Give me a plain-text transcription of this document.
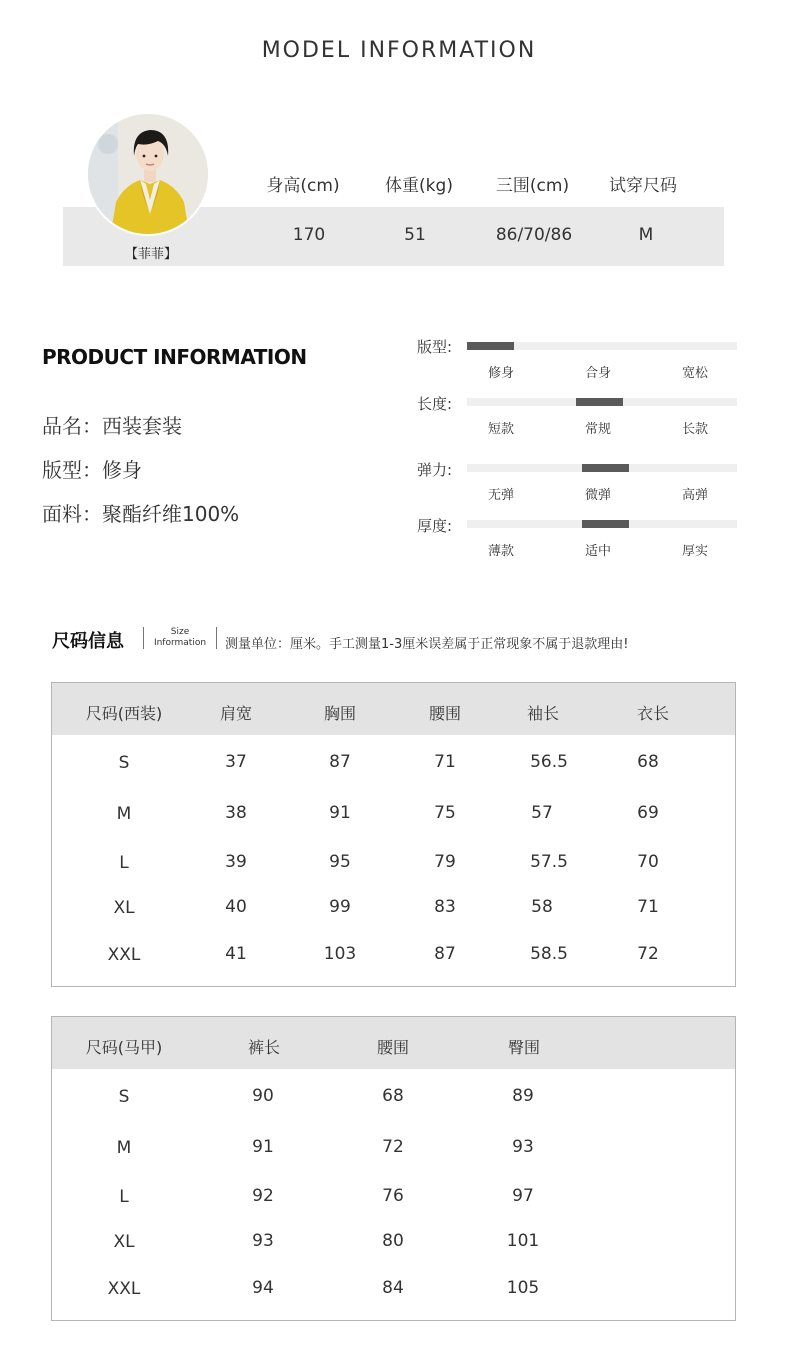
MODEL INFORMATION
【菲菲】
身高(cm)	体重(kg)	三围(cm)	试穿尺码
170	51	86/70/86	M
PRODUCT INFORMATION
品名：西装套装
版型：修身
面料：聚酯纤维100%
版型:
修身	合身	宽松
长度:
短款	常规	长款
弹力:
无弹	微弹	高弹
厚度:
薄款	适中	厚实
尺码信息	Size
Information 测量单位：厘米。手工测量1-3厘米误差属于正常现象不属于退款理由!
尺码(西装)	肩宽	胸围	腰围	袖长	衣长
S	37	87	71	56.5	68
M	38	91	75	57	69
L	39	95	79	57.5	70
XL	40	99	83	58	71
XXL	41	103	87	58.5	72
尺码(马甲)	裤长	腰围	臀围
S	90	68	89
M	91	72	93
L	92	76	97
XL	93	80	101
XXL	94	84	105
